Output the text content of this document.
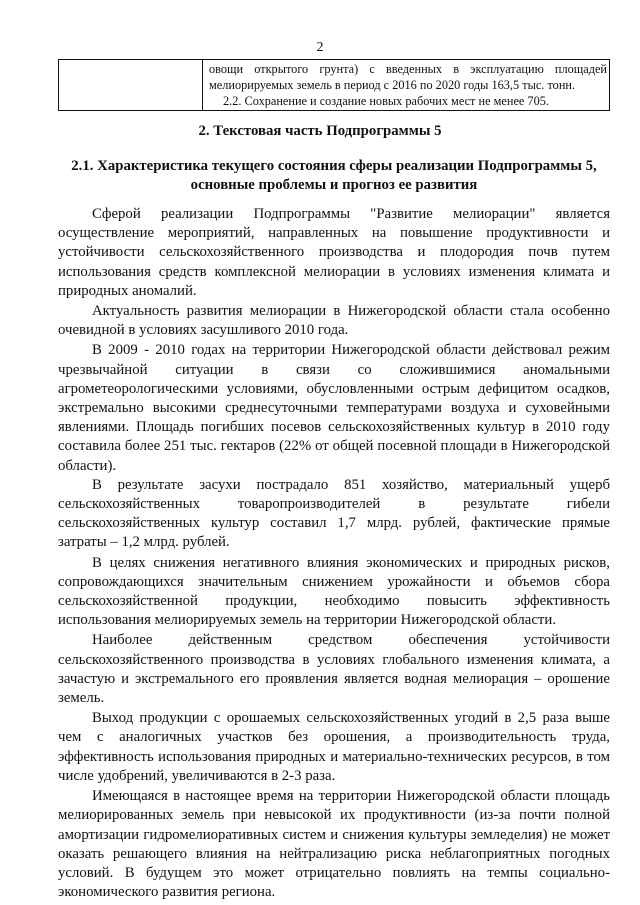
2

овощи открытого грунта) с введенных в эксплуатацию площадей
мелиорируемых земель в период с 2016 по 2020 годы 163,5 тыс. тонн.
2.2. Сохранение и создание новых рабочих мест не менее 705.
2. Текстовая часть Подпрограммы 5
2.1. Характеристика текущего состояния сферы реализации Подпрограммы 5, основные проблемы и прогноз ее развития

Сферой реализации Подпрограммы "Развитие мелиорации" является осуществление мероприятий, направленных на повышение продуктивности и устойчивости сельскохозяйственного производства и плодородия почв путем использования средств комплексной мелиорации в условиях изменения климата и природных аномалий.

Актуальность развития мелиорации в Нижегородской области стала особенно очевидной в условиях засушливого 2010 года.

В 2009 - 2010 годах на территории Нижегородской области действовал режим чрезвычайной ситуации в связи со сложившимися аномальными агрометеорологическими условиями, обусловленными острым дефицитом осадков, экстремально высокими среднесуточными температурами воздуха и суховейными явлениями. Площадь погибших посевов сельскохозяйственных культур в 2010 году составила более 251 тыс. гектаров (22% от общей посевной площади в Нижегородской области).

В результате засухи пострадало 851 хозяйство, материальный ущерб сельскохозяйственных товаропроизводителей в результате гибели сельскохозяйственных культур составил 1,7 млрд. рублей, фактические прямые затраты – 1,2 млрд. рублей.

В целях снижения негативного влияния экономических и природных рисков, сопровождающихся значительным снижением урожайности и объемов сбора сельскохозяйственной продукции, необходимо повысить эффективность использования мелиорируемых земель на территории Нижегородской области.

Наиболее действенным средством обеспечения устойчивости сельскохозяйственного производства в условиях глобального изменения климата, а зачастую и экстремального его проявления является водная мелиорация – орошение земель.

Выход продукции с орошаемых сельскохозяйственных угодий в 2,5 раза выше чем с аналогичных участков без орошения, а производительность труда, эффективность использования природных и материально-технических ресурсов, в том числе удобрений, увеличиваются в 2-3 раза.

Имеющаяся в настоящее время на территории Нижегородской области площадь мелиорированных земель при невысокой их продуктивности (из-за почти полной амортизации гидромелиоративных систем и снижения культуры земледелия) не может оказать решающего влияния на нейтрализацию риска неблагоприятных погодных условий. В будущем это может отрицательно повлиять на темпы социально-экономического развития региона.
